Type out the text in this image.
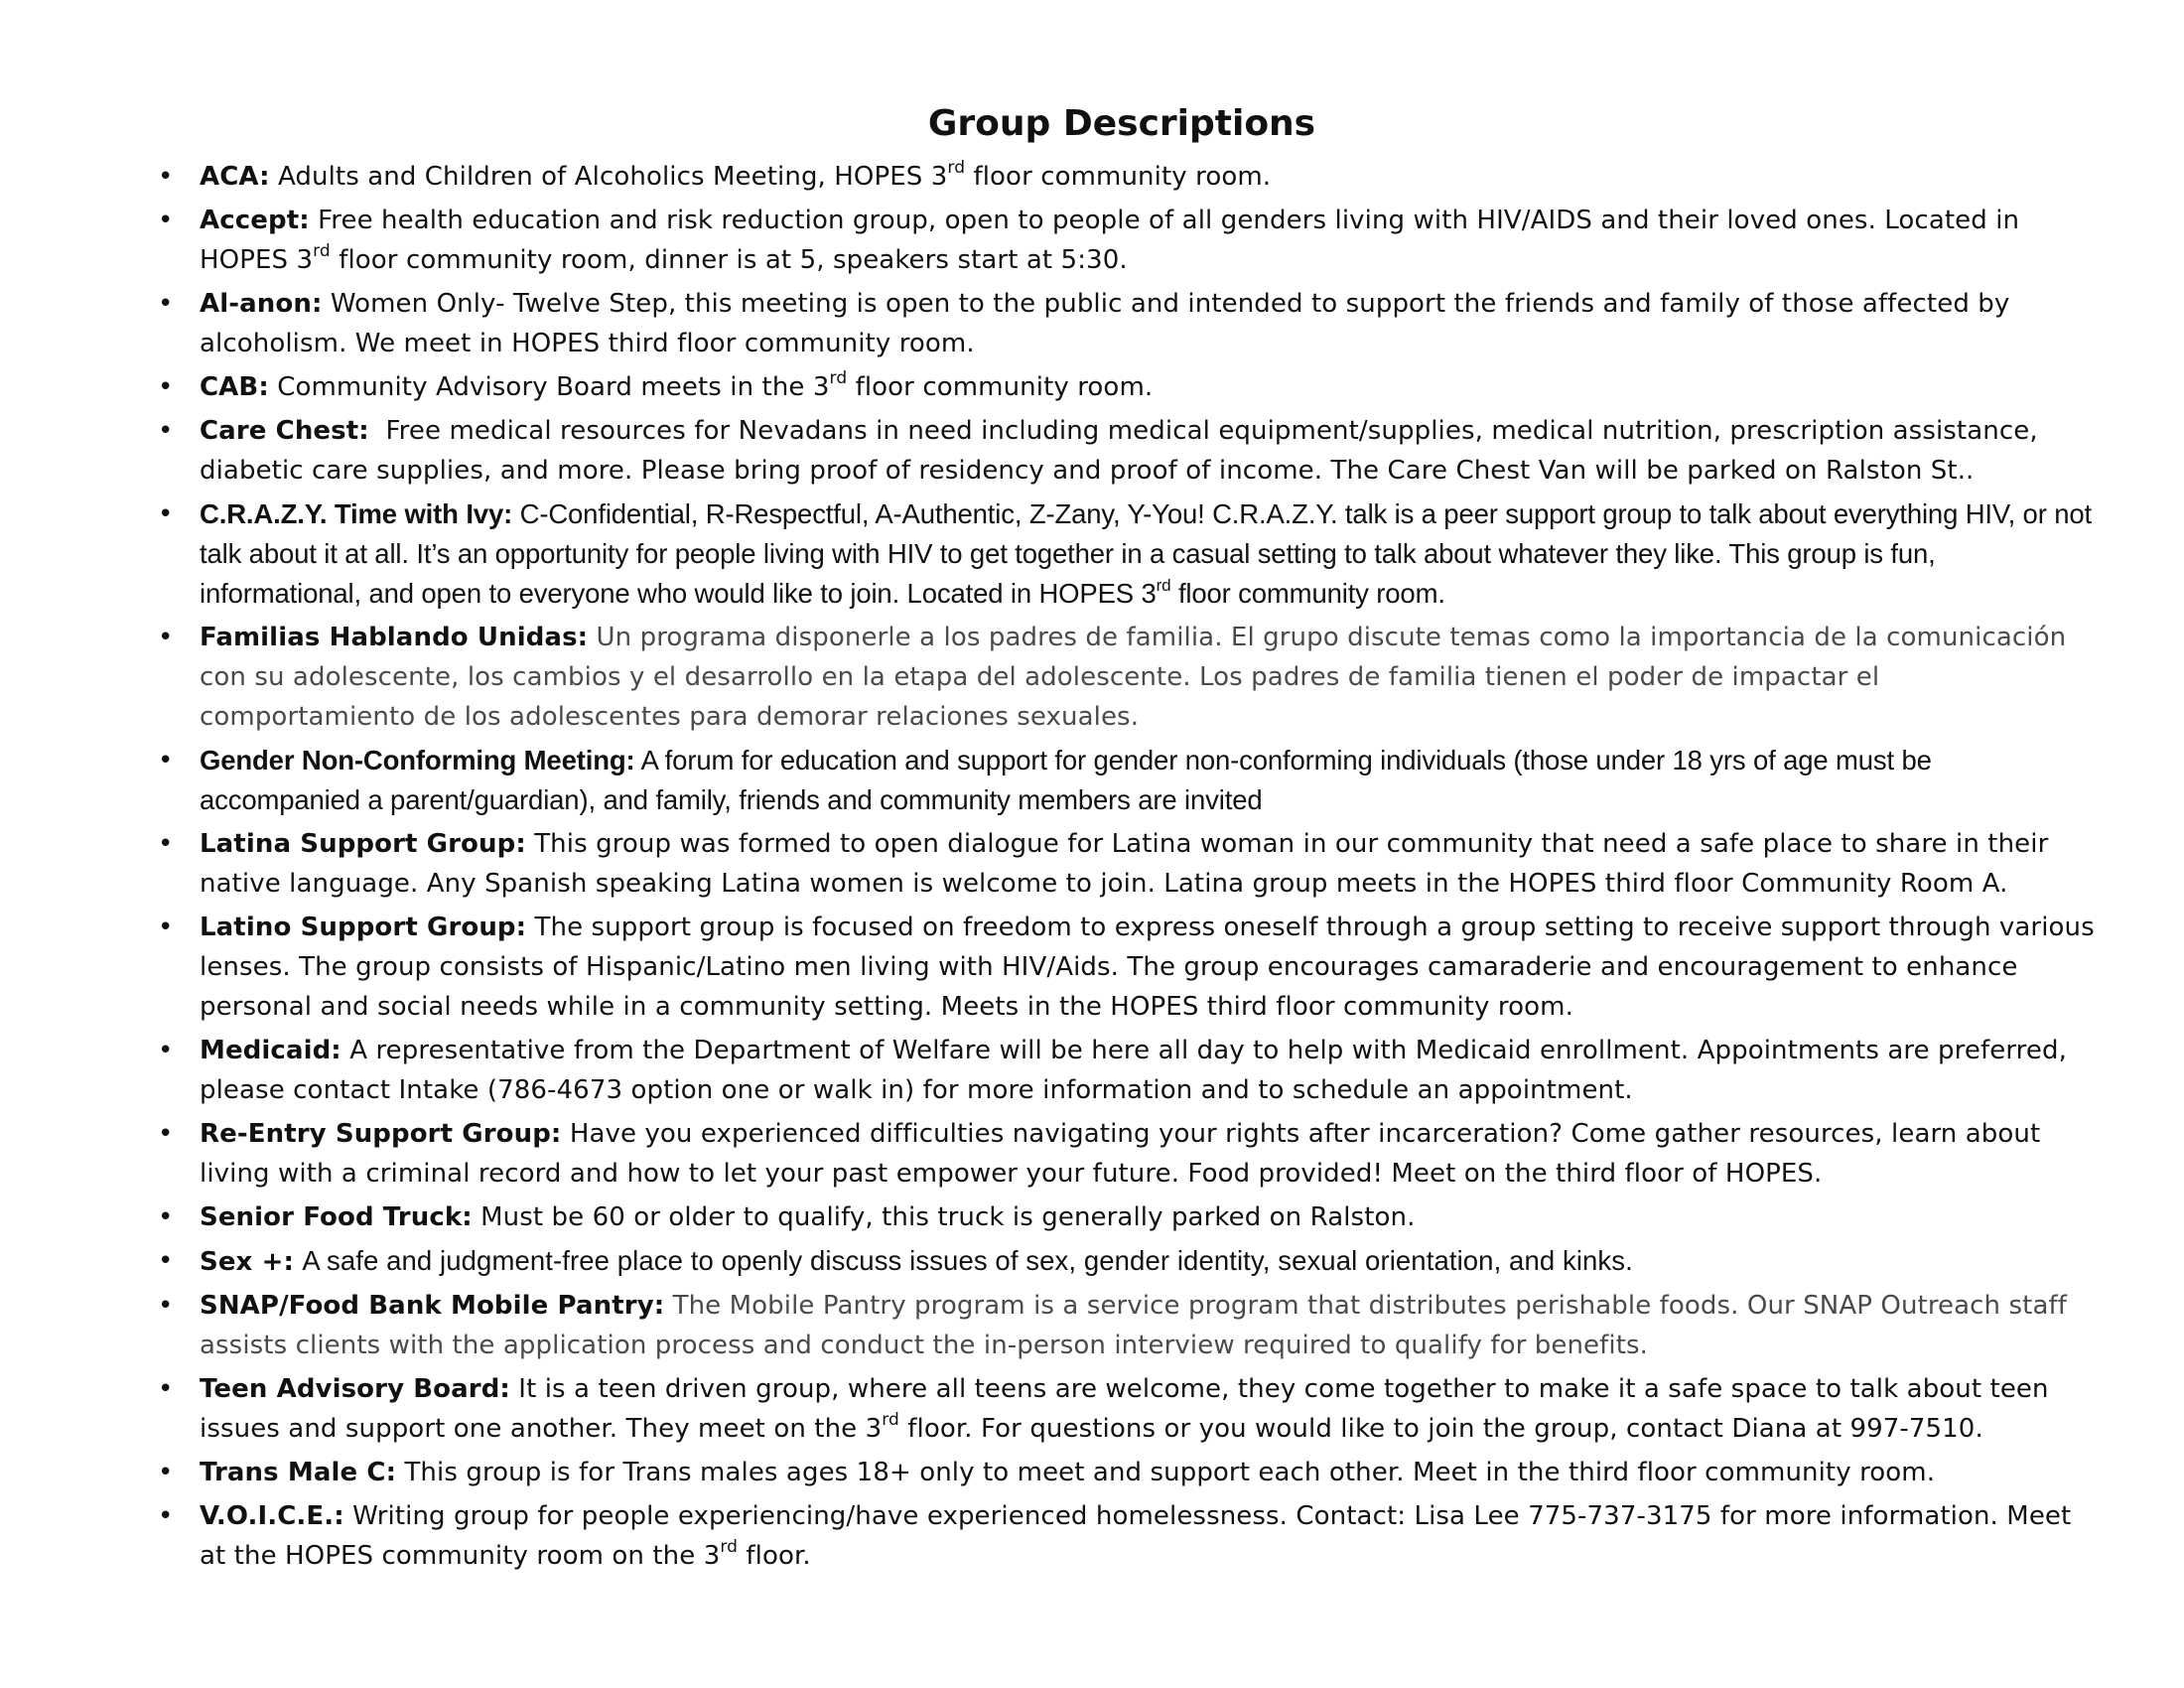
Group Descriptions
• ACA: Adults and Children of Alcoholics Meeting, HOPES 3rd floor community room.
• Accept: Free health education and risk reduction group, open to people of all genders living with HIV/AIDS and their loved ones. Located in HOPES 3rd floor community room, dinner is at 5, speakers start at 5:30.
• Al-anon: Women Only- Twelve Step, this meeting is open to the public and intended to support the friends and family of those affected by alcoholism. We meet in HOPES third floor community room.
• CAB: Community Advisory Board meets in the 3rd floor community room.
• Care Chest: Free medical resources for Nevadans in need including medical equipment/supplies, medical nutrition, prescription assistance, diabetic care supplies, and more. Please bring proof of residency and proof of income. The Care Chest Van will be parked on Ralston St..
• C.R.A.Z.Y. Time with Ivy: C-Confidential, R-Respectful, A-Authentic, Z-Zany, Y-You! C.R.A.Z.Y. talk is a peer support group to talk about everything HIV, or not talk about it at all. It’s an opportunity for people living with HIV to get together in a casual setting to talk about whatever they like. This group is fun, informational, and open to everyone who would like to join. Located in HOPES 3rd floor community room.
• Familias Hablando Unidas: Un programa disponerle a los padres de familia. El grupo discute temas como la importancia de la comunicación con su adolescente, los cambios y el desarrollo en la etapa del adolescente. Los padres de familia tienen el poder de impactar el comportamiento de los adolescentes para demorar relaciones sexuales.
• Gender Non-Conforming Meeting: A forum for education and support for gender non-conforming individuals (those under 18 yrs of age must be accompanied a parent/guardian), and family, friends and community members are invited
• Latina Support Group: This group was formed to open dialogue for Latina woman in our community that need a safe place to share in their native language. Any Spanish speaking Latina women is welcome to join. Latina group meets in the HOPES third floor Community Room A.
• Latino Support Group: The support group is focused on freedom to express oneself through a group setting to receive support through various lenses. The group consists of Hispanic/Latino men living with HIV/Aids. The group encourages camaraderie and encouragement to enhance personal and social needs while in a community setting. Meets in the HOPES third floor community room.
• Medicaid: A representative from the Department of Welfare will be here all day to help with Medicaid enrollment. Appointments are preferred, please contact Intake (786-4673 option one or walk in) for more information and to schedule an appointment.
• Re-Entry Support Group: Have you experienced difficulties navigating your rights after incarceration? Come gather resources, learn about living with a criminal record and how to let your past empower your future. Food provided! Meet on the third floor of HOPES.
• Senior Food Truck: Must be 60 or older to qualify, this truck is generally parked on Ralston.
• Sex +: A safe and judgment-free place to openly discuss issues of sex, gender identity, sexual orientation, and kinks.
• SNAP/Food Bank Mobile Pantry: The Mobile Pantry program is a service program that distributes perishable foods. Our SNAP Outreach staff assists clients with the application process and conduct the in-person interview required to qualify for benefits.
• Teen Advisory Board: It is a teen driven group, where all teens are welcome, they come together to make it a safe space to talk about teen issues and support one another. They meet on the 3rd floor. For questions or you would like to join the group, contact Diana at 997-7510.
• Trans Male C: This group is for Trans males ages 18+ only to meet and support each other. Meet in the third floor community room.
• V.O.I.C.E.: Writing group for people experiencing/have experienced homelessness. Contact: Lisa Lee 775-737-3175 for more information. Meet at the HOPES community room on the 3rd floor.
